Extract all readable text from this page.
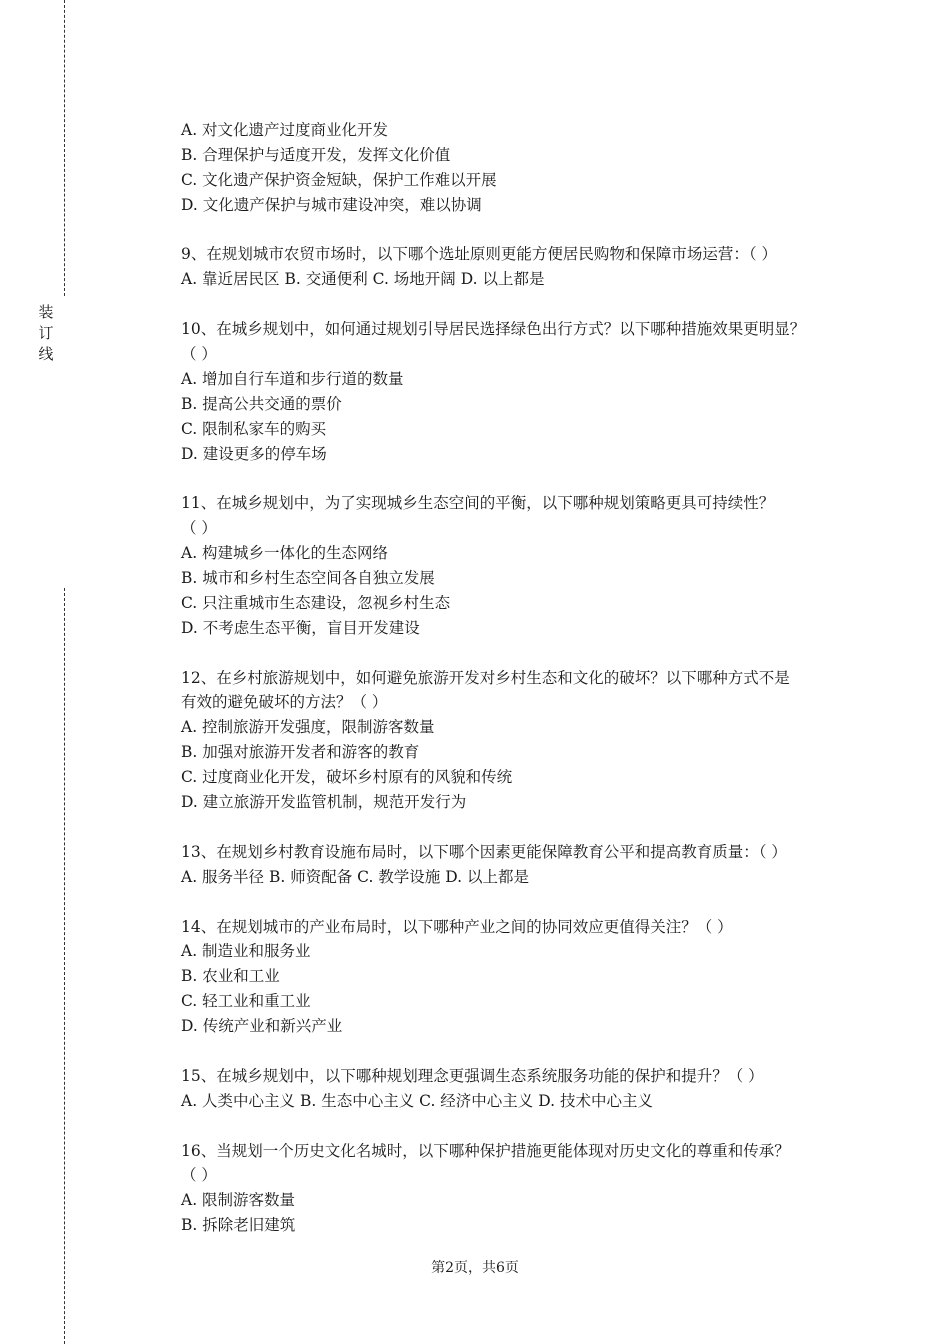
装订线

A. 对文化遗产过度商业化开发

B. 合理保护与适度开发，发挥文化价值

C. 文化遗产保护资金短缺，保护工作难以开展

D. 文化遗产保护与城市建设冲突，难以协调

9、在规划城市农贸市场时，以下哪个选址原则更能方便居民购物和保障市场运营：（ ）

A. 靠近居民区 B. 交通便利 C. 场地开阔 D. 以上都是

10、在城乡规划中，如何通过规划引导居民选择绿色出行方式？以下哪种措施效果更明显？

（ ）

A. 增加自行车道和步行道的数量

B. 提高公共交通的票价

C. 限制私家车的购买

D. 建设更多的停车场

11、在城乡规划中，为了实现城乡生态空间的平衡，以下哪种规划策略更具可持续性？

（ ）

A. 构建城乡一体化的生态网络

B. 城市和乡村生态空间各自独立发展

C. 只注重城市生态建设，忽视乡村生态

D. 不考虑生态平衡，盲目开发建设

12、在乡村旅游规划中，如何避免旅游开发对乡村生态和文化的破坏？以下哪种方式不是

有效的避免破坏的方法？（ ）

A. 控制旅游开发强度，限制游客数量

B. 加强对旅游开发者和游客的教育

C. 过度商业化开发，破坏乡村原有的风貌和传统

D. 建立旅游开发监管机制，规范开发行为

13、在规划乡村教育设施布局时，以下哪个因素更能保障教育公平和提高教育质量：（ ）

A. 服务半径 B. 师资配备 C. 教学设施 D. 以上都是

14、在规划城市的产业布局时，以下哪种产业之间的协同效应更值得关注？（ ）

A. 制造业和服务业

B. 农业和工业

C. 轻工业和重工业

D. 传统产业和新兴产业

15、在城乡规划中，以下哪种规划理念更强调生态系统服务功能的保护和提升？（ ）

A. 人类中心主义 B. 生态中心主义 C. 经济中心主义 D. 技术中心主义

16、当规划一个历史文化名城时，以下哪种保护措施更能体现对历史文化的尊重和传承？

（ ）

A. 限制游客数量

B. 拆除老旧建筑

第2页，共6页
